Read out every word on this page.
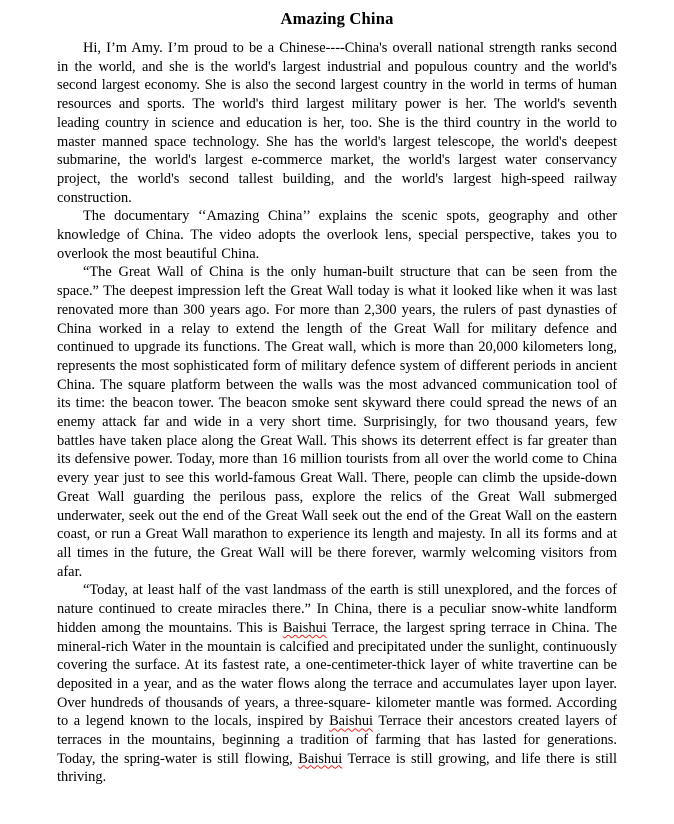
Amazing China

Hi, I’m Amy. I’m proud to be a Chinese----China's overall national strength ranks second in the world, and she is the world's largest industrial and populous country and the world's second largest economy. She is also the second largest country in the world in terms of human resources and sports. The world's third largest military power is her. The world's seventh leading country in science and education is her, too. She is the third country in the world to master manned space technology. She has the world's largest telescope, the world's deepest submarine, the world's largest e-commerce market, the world's largest water conservancy project, the world's second tallest building, and the world's largest high-speed railway construction.

The documentary ‘‘Amazing China’’ explains the scenic spots, geography and other knowledge of China. The video adopts the overlook lens, special perspective, takes you to overlook the most beautiful China.

“The Great Wall of China is the only human-built structure that can be seen from the space.” The deepest impression left the Great Wall today is what it looked like when it was last renovated more than 300 years ago. For more than 2,300 years, the rulers of past dynasties of China worked in a relay to extend the length of the Great Wall for military defence and continued to upgrade its functions. The Great wall, which is more than 20,000 kilometers long, represents the most sophisticated form of military defence system of different periods in ancient China. The square platform between the walls was the most advanced communication tool of its time: the beacon tower. The beacon smoke sent skyward there could spread the news of an enemy attack far and wide in a very short time. Surprisingly, for two thousand years, few battles have taken place along the Great Wall. This shows its deterrent effect is far greater than its defensive power. Today, more than 16 million tourists from all over the world come to China every year just to see this world-famous Great Wall. There, people can climb the upside-down Great Wall guarding the perilous pass, explore the relics of the Great Wall submerged underwater, seek out the end of the Great Wall seek out the end of the Great Wall on the eastern coast, or run a Great Wall marathon to experience its length and majesty. In all its forms and at all times in the future, the Great Wall will be there forever, warmly welcoming visitors from afar.

“Today, at least half of the vast landmass of the earth is still unexplored, and the forces of nature continued to create miracles there.” In China, there is a peculiar snow-white landform hidden among the mountains. This is Baishui Terrace, the largest spring terrace in China. The mineral-rich Water in the mountain is calcified and precipitated under the sunlight, continuously covering the surface. At its fastest rate, a one-centimeter-thick layer of white travertine can be deposited in a year, and as the water flows along the terrace and accumulates layer upon layer. Over hundreds of thousands of years, a three-square- kilometer mantle was formed. According to a legend known to the locals, inspired by Baishui Terrace their ancestors created layers of terraces in the mountains, beginning a tradition of farming that has lasted for generations. Today, the spring-water is still flowing, Baishui Terrace is still growing, and life there is still thriving.
